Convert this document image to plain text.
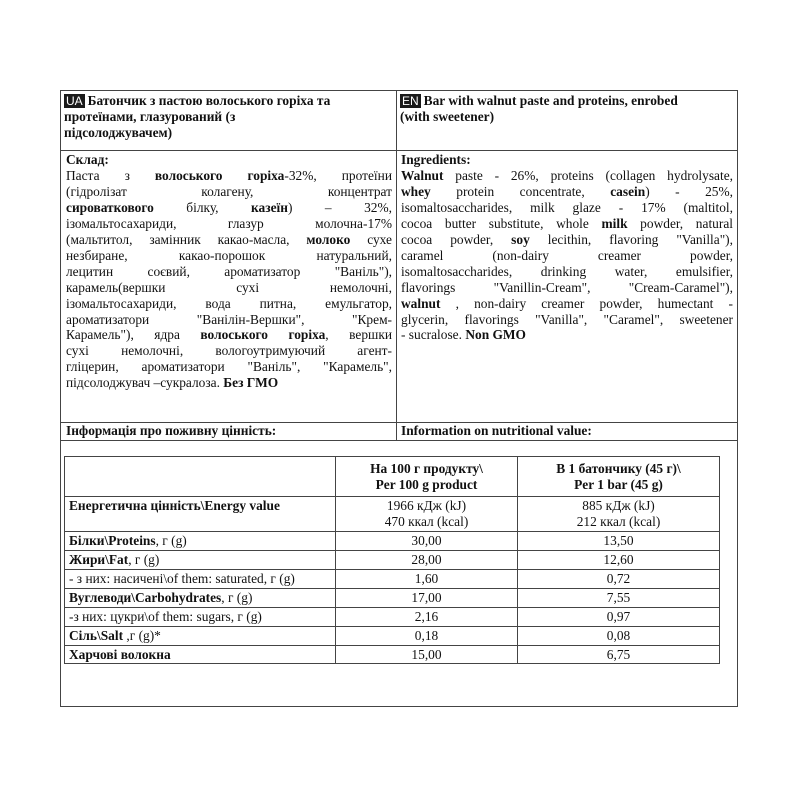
UA Батончик з пастою волоського горіха та
протеїнами, глазурований (з
підсолоджувачем)
EN Bar with walnut paste and proteins, enrobed
(with sweetener)
Склад:
Паста з волоського горіха-32%, протеїни
(гідролізат колагену, концентрат
сироваткового білку, казеїн) – 32%,
ізомальтосахариди, глазур молочна-17%
(мальтитол, замінник какао-масла, молоко сухе
незбиране, какао-порошок натуральний,
лецитин соєвий, ароматизатор "Ваніль"),
карамель(вершки сухі немолочні,
ізомальтосахариди, вода питна, емульгатор,
ароматизатори "Ванілін-Вершки", "Крем-
Карамель"), ядра волоського горіха, вершки
сухі немолочні, вологоутримуючий агент-
гліцерин, ароматизатори "Ваніль", "Карамель",
підсолоджувач –сукралоза. Без ГМО
Ingredients:
Walnut paste - 26%, proteins (collagen hydrolysate,
whey protein concentrate, casein) - 25%,
isomaltosaccharides, milk glaze - 17% (maltitol,
cocoa butter substitute, whole milk powder, natural
cocoa powder, soy lecithin, flavoring "Vanilla"),
caramel (non-dairy creamer powder,
isomaltosaccharides, drinking water, emulsifier,
flavorings "Vanillin-Cream", "Cream-Caramel"),
walnut , non-dairy creamer powder, humectant -
glycerin, flavorings "Vanilla", "Caramel", sweetener
- sucralose. Non GMO
Інформація про поживну цінність:	Information on nutritional value:

	На 100 г продукту\
Per 100 g product	В 1 батончику (45 г)\
Per 1 bar (45 g)

Енергетична цінність\Energy value	1966 кДж (kJ)
470 ккал (kcal)	885 кДж (kJ)
212 ккал (kcal)
Білки\Proteins, г (g)	30,00	13,50
Жири\Fat, г (g)	28,00	12,60
- з них: насичені\of them: saturated, г (g)	1,60	0,72
Вуглеводи\Carbohydrates, г (g)	17,00	7,55
-з них: цукри\of them: sugars, г (g)	2,16	0,97
Сіль\Salt ,г (g)*	0,18	0,08
Харчові волокна	15,00	6,75
